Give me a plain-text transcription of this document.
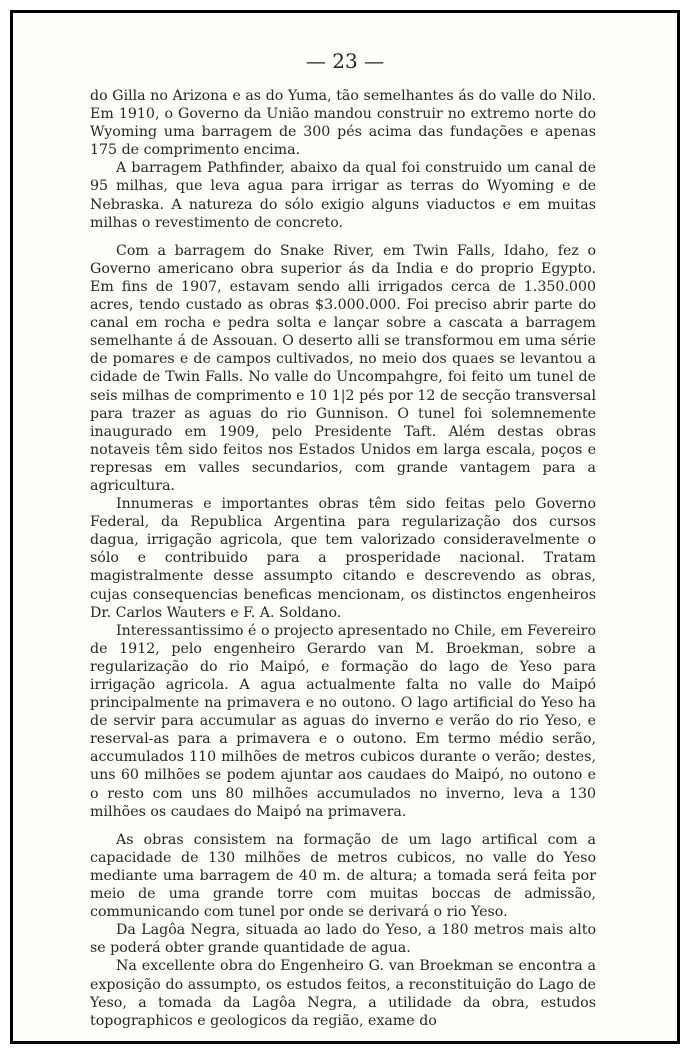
— 23 —

do Gilla no Arizona e as do Yuma, tão semelhantes ás do valle do Nilo. Em 1910, o Governo da União mandou construir no extremo norte do Wyoming uma barragem de 300 pés acima das fundações e apenas 175 de comprimento encima.

A barragem Pathfinder, abaixo da qual foi construido um canal de 95 milhas, que leva agua para irrigar as terras do Wyoming e de Nebraska. A natureza do sólo exigio alguns viaductos e em muitas milhas o revestimento de concreto.

Com a barragem do Snake River, em Twin Falls, Idaho, fez o Governo americano obra superior ás da India e do proprio Egypto. Em fins de 1907, estavam sendo alli irrigados cerca de 1.350.000 acres, tendo custado as obras $3.000.000. Foi preciso abrir parte do canal em rocha e pedra solta e lançar sobre a cascata a barragem semelhante á de Assouan. O deserto alli se transformou em uma série de pomares e de campos cultivados, no meio dos quaes se levantou a cidade de Twin Falls. No valle do Uncompahgre, foi feito um tunel de seis milhas de comprimento e 10 1|2 pés por 12 de secção transversal para trazer as aguas do rio Gunnison. O tunel foi solemnemente inaugurado em 1909, pelo Presidente Taft. Além destas obras notaveis têm sido feitos nos Estados Unidos em larga escala, poços e represas em valles secundarios, com grande vantagem para a agricultura.

Innumeras e importantes obras têm sido feitas pelo Governo Federal, da Republica Argentina para regularização dos cursos dagua, irrigação agricola, que tem valorizado consideravelmente o sólo e contribuido para a prosperidade nacional. Tratam magistralmente desse assumpto citando e descrevendo as obras, cujas consequencias beneficas mencionam, os distinctos engenheiros Dr. Carlos Wauters e F. A. Soldano.

Interessantissimo é o projecto apresentado no Chile, em Fevereiro de 1912, pelo engenheiro Gerardo van M. Broekman, sobre a regularização do rio Maipó, e formação do lago de Yeso para irrigação agricola. A agua actualmente falta no valle do Maipó principalmente na primavera e no outono. O lago artificial do Yeso ha de servir para accumular as aguas do inverno e verão do rio Yeso, e reserval-as para a primavera e o outono. Em termo médio serão, accumulados 110 milhões de metros cubicos durante o verão; destes, uns 60 milhões se podem ajuntar aos caudaes do Maipó, no outono e o resto com uns 80 milhões accumulados no inverno, leva a 130 milhões os caudaes do Maipó na primavera.

As obras consistem na formação de um lago artifical com a capacidade de 130 milhões de metros cubicos, no valle do Yeso mediante uma barragem de 40 m. de altura; a tomada será feita por meio de uma grande torre com muitas boccas de admissão, communicando com tunel por onde se derivará o rio Yeso.

Da Lagôa Negra, situada ao lado do Yeso, a 180 metros mais alto se poderá obter grande quantidade de agua.

Na excellente obra do Engenheiro G. van Broekman se encontra a exposição do assumpto, os estudos feitos, a reconstituição do Lago de Yeso, a tomada da Lagôa Negra, a utilidade da obra, estudos topographicos e geologicos da região, exame do
